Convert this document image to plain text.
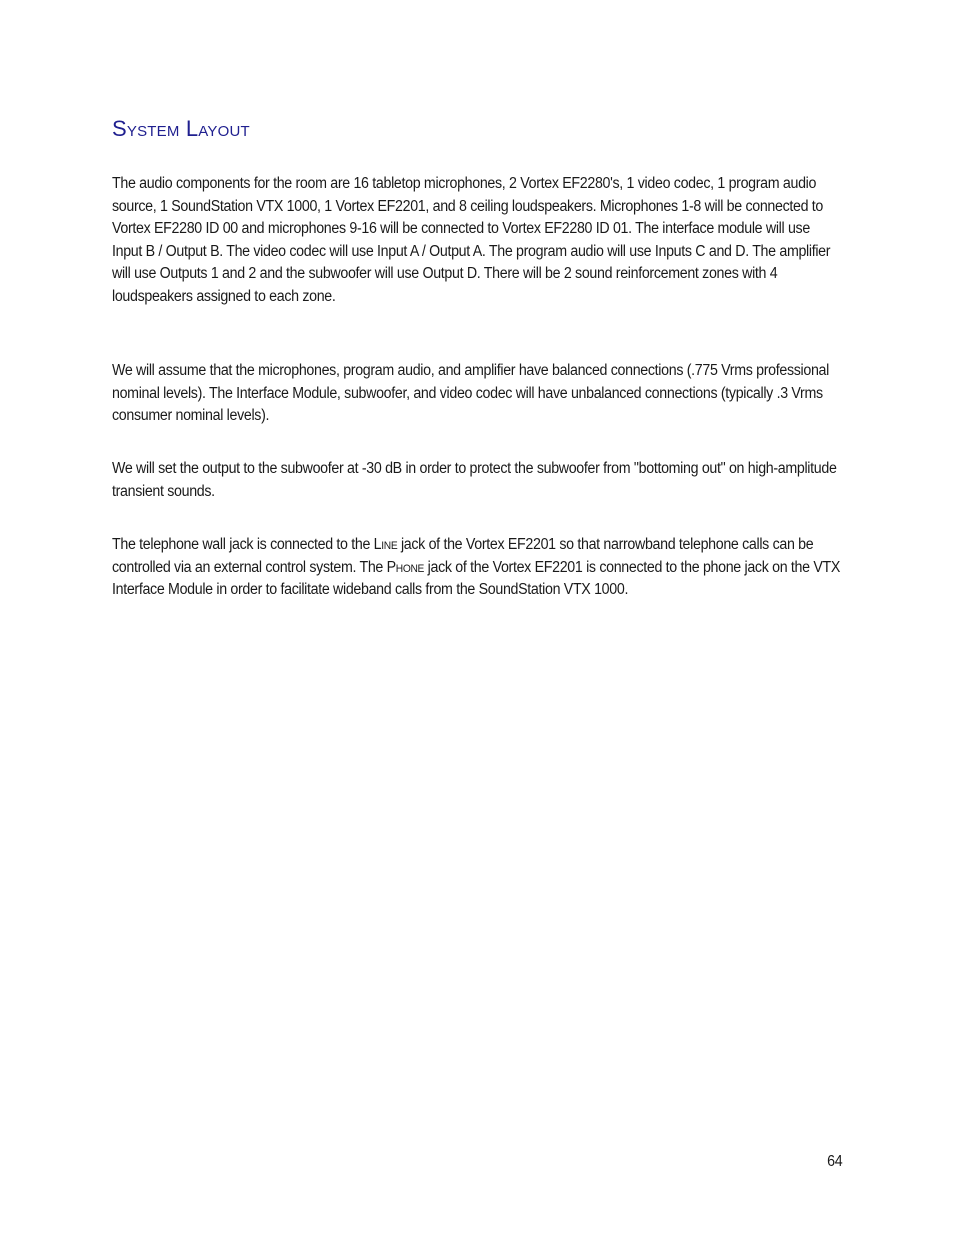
System Layout

The audio components for the room are 16 tabletop microphones, 2 Vortex EF2280's, 1 video codec, 1 program audio source, 1 SoundStation VTX 1000, 1 Vortex EF2201, and 8 ceiling loudspeakers. Microphones 1-8 will be connected to Vortex EF2280 ID 00 and microphones 9-16 will be connected to Vortex EF2280 ID 01. The interface module will use Input B / Output B. The video codec will use Input A / Output A. The program audio will use Inputs C and D. The amplifier will use Outputs 1 and 2 and the subwoofer will use Output D. There will be 2 sound reinforcement zones with 4 loudspeakers assigned to each zone.

We will assume that the microphones, program audio, and amplifier have balanced connections (.775 Vrms professional nominal levels). The Interface Module, subwoofer, and video codec will have unbalanced connections (typically .3 Vrms consumer nominal levels).

We will set the output to the subwoofer at -30 dB in order to protect the subwoofer from "bottoming out" on high-amplitude transient sounds.

The telephone wall jack is connected to the Line jack of the Vortex EF2201 so that narrowband telephone calls can be controlled via an external control system. The Phone jack of the Vortex EF2201 is connected to the phone jack on the VTX Interface Module in order to facilitate wideband calls from the SoundStation VTX 1000.

64
